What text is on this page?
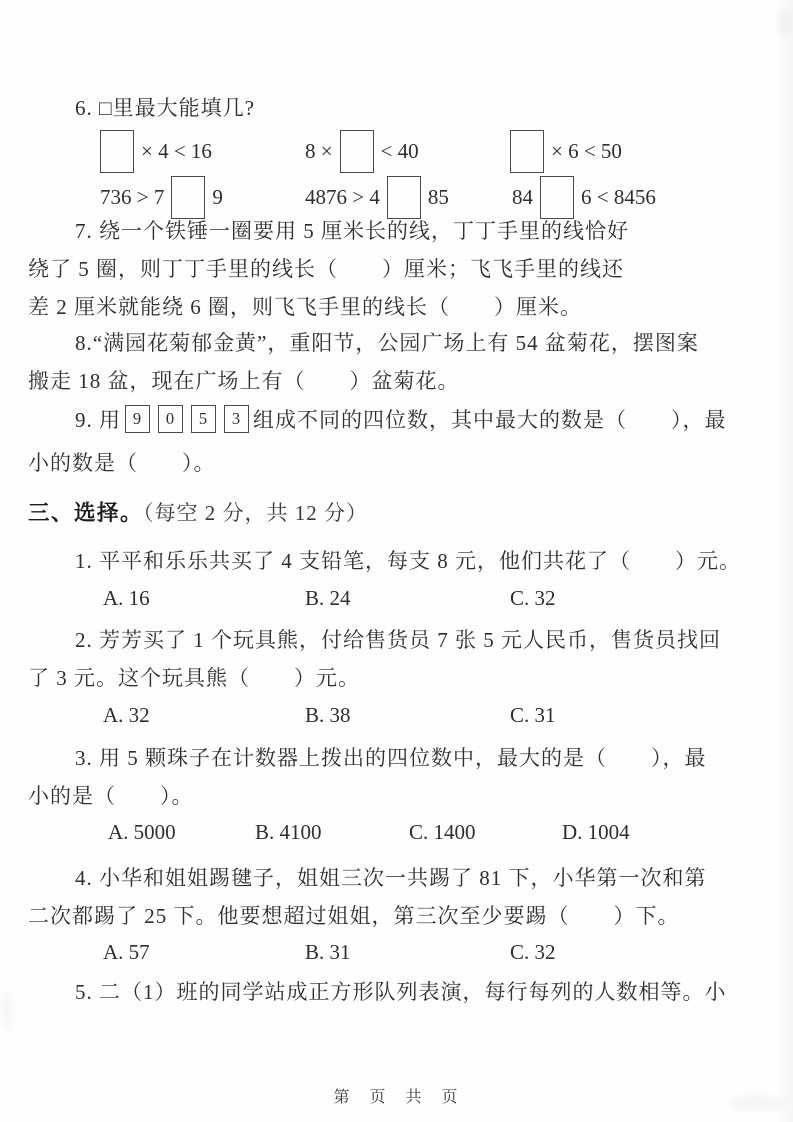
6. □里最大能填几?
× 4 < 16	8 × < 40	× 6 < 50
736 > 7 9	4876 > 4 85	84 6 < 8456
7. 绕一个铁锤一圈要用 5 厘米长的线，丁丁手里的线恰好
绕了 5 圈，则丁丁手里的线长（　　）厘米；飞飞手里的线还
差 2 厘米就能绕 6 圈，则飞飞手里的线长（　　）厘米。
8.“满园花菊郁金黄”，重阳节，公园广场上有 54 盆菊花，摆图案
搬走 18 盆，现在广场上有（　　）盆菊花。
9. 用 9	0	5	3 组成不同的四位数，其中最大的数是（　　），最
小的数是（　　）。
三、选择。（每空 2 分，共 12 分）
1. 平平和乐乐共买了 4 支铅笔，每支 8 元，他们共花了（　　）元。
A. 16	B. 24	C. 32
2. 芳芳买了 1 个玩具熊，付给售货员 7 张 5 元人民币，售货员找回
了 3 元。这个玩具熊（　　）元。
A. 32	B. 38	C. 31
3. 用 5 颗珠子在计数器上拨出的四位数中，最大的是（　　），最
小的是（　　）。
A. 5000	B. 4100	C. 1400	D. 1004
4. 小华和姐姐踢毽子，姐姐三次一共踢了 81 下，小华第一次和第
二次都踢了 25 下。他要想超过姐姐，第三次至少要踢（　　）下。
A. 57	B. 31	C. 32
5. 二（1）班的同学站成正方形队列表演，每行每列的人数相等。小
第　页　共　页
